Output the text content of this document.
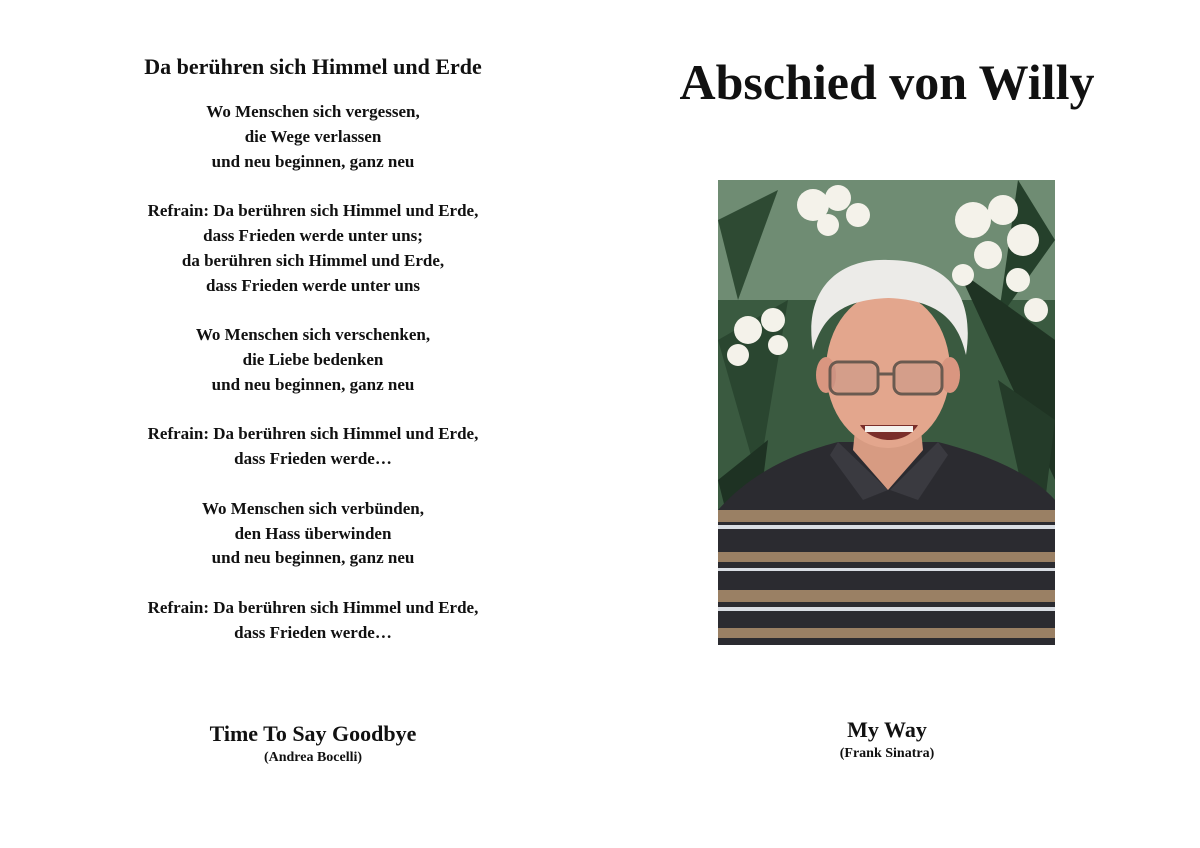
Da berühren sich Himmel und Erde
Wo Menschen sich vergessen,
die Wege verlassen
und neu beginnen, ganz neu
Refrain: Da berühren sich Himmel und Erde,
dass Frieden werde unter uns;
da berühren sich Himmel und Erde,
dass Frieden werde unter uns
Wo Menschen sich verschenken,
die Liebe bedenken
und neu beginnen, ganz neu
Refrain: Da berühren sich Himmel und Erde,
dass Frieden werde…
Wo Menschen sich verbünden,
den Hass überwinden
und neu beginnen, ganz neu
Refrain: Da berühren sich Himmel und Erde,
dass Frieden werde…
Time To Say Goodbye
(Andrea Bocelli)
Abschied von Willy
My Way
(Frank Sinatra)
